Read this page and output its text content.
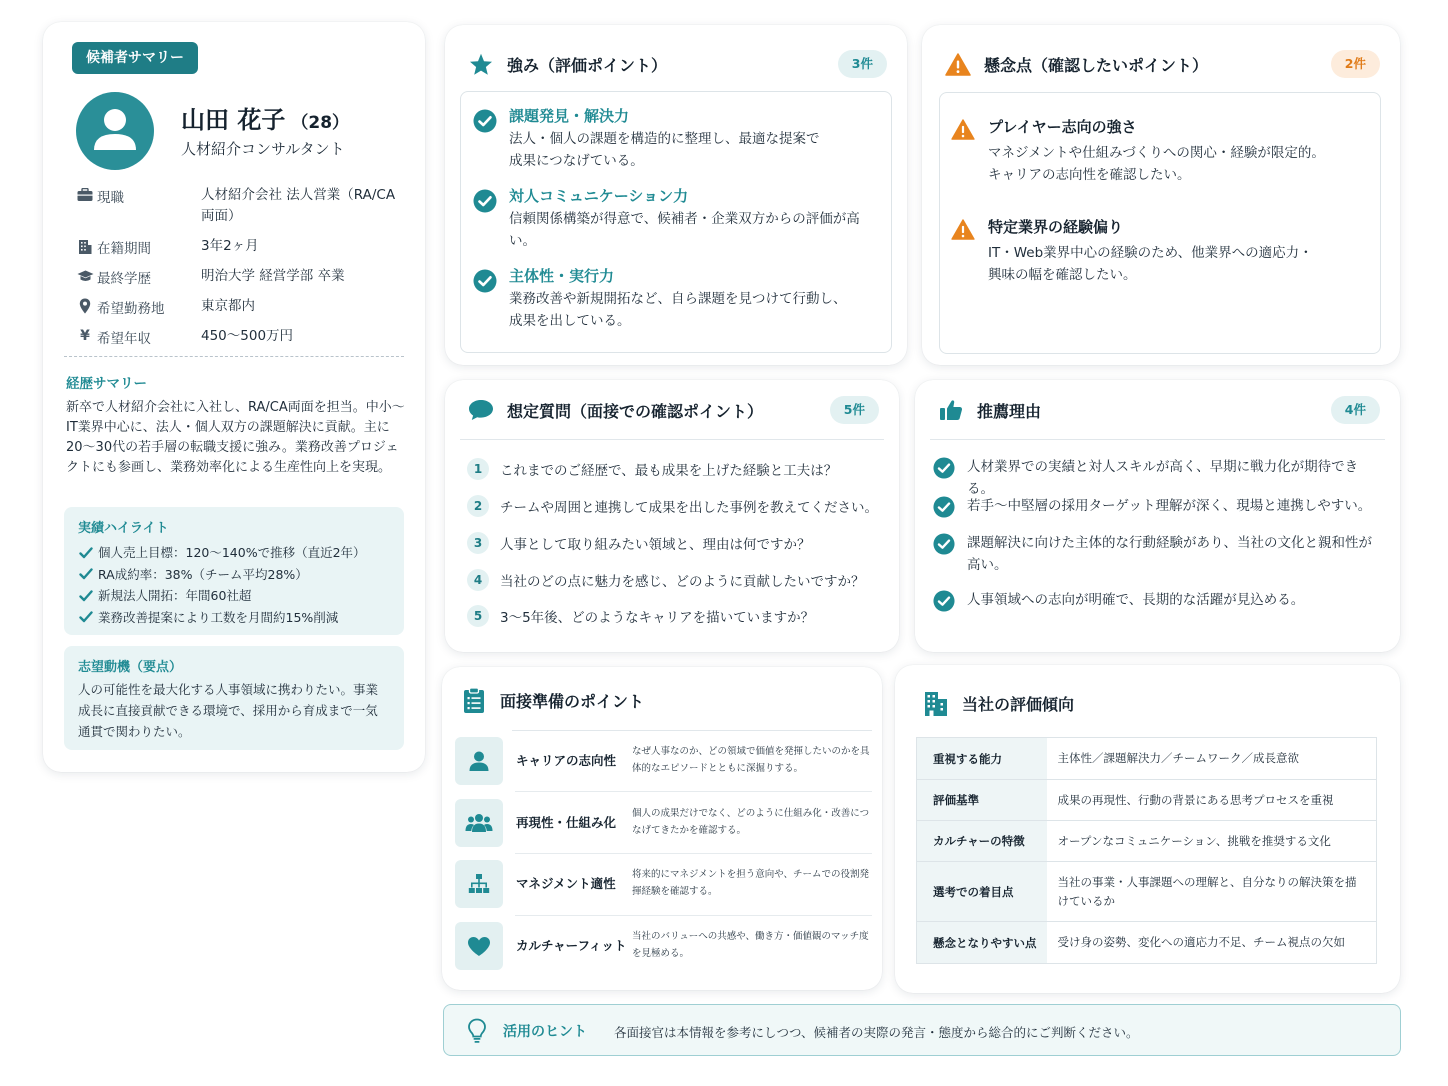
候補者サマリー
山田 花子 （28）
人材紹介コンサルタント
現職	人材紹介会社 法人営業（RA/CA両面）
在籍期間	3年2ヶ月
最終学歴	明治大学 経営学部 卒業
希望勤務地	東京都内
¥ 希望年収	450〜500万円
経歴サマリー
新卒で人材紹介会社に入社し、RA/CA両面を担当。中小〜IT業界中心に、法人・個人双方の課題解決に貢献。主に20〜30代の若手層の転職支援に強み。業務改善プロジェクトにも参画し、業務効率化による生産性向上を実現。
実績ハイライト
個人売上目標：120〜140%で推移（直近2年）
RA成約率：38%（チーム平均28%）
新規法人開拓：年間60社超
業務改善提案により工数を月間約15%削減
志望動機（要点）
人の可能性を最大化する人事領域に携わりたい。事業成長に直接貢献できる環境で、採用から育成まで一気通貫で関わりたい。
強み（評価ポイント）	3件
課題発見・解決力
法人・個人の課題を構造的に整理し、最適な提案で成果につなげている。
対人コミュニケーション力
信頼関係構築が得意で、候補者・企業双方からの評価が高い。
主体性・実行力
業務改善や新規開拓など、自ら課題を見つけて行動し、成果を出している。
懸念点（確認したいポイント）	2件
プレイヤー志向の強さ
マネジメントや仕組みづくりへの関心・経験が限定的。キャリアの志向性を確認したい。
特定業界の経験偏り
IT・Web業界中心の経験のため、他業界への適応力・興味の幅を確認したい。
想定質問（面接での確認ポイント）	5件
1	これまでのご経歴で、最も成果を上げた経験と工夫は？
2	チームや周囲と連携して成果を出した事例を教えてください。
3	人事として取り組みたい領域と、理由は何ですか？
4	当社のどの点に魅力を感じ、どのように貢献したいですか？
5	3〜5年後、どのようなキャリアを描いていますか？
推薦理由	4件
人材業界での実績と対人スキルが高く、早期に戦力化が期待できる。
若手〜中堅層の採用ターゲット理解が深く、現場と連携しやすい。
課題解決に向けた主体的な行動経験があり、当社の文化と親和性が高い。
人事領域への志向が明確で、長期的な活躍が見込める。
面接準備のポイント
キャリアの志向性
なぜ人事なのか、どの領域で価値を発揮したいのかを具体的なエピソードとともに深掘りする。
再現性・仕組み化
個人の成果だけでなく、どのように仕組み化・改善につなげてきたかを確認する。
マネジメント適性
将来的にマネジメントを担う意向や、チームでの役割発揮経験を確認する。
カルチャーフィット
当社のバリューへの共感や、働き方・価値観のマッチ度を見極める。
当社の評価傾向
重視する能力	主体性／課題解決力／チームワーク／成長意欲
評価基準	成果の再現性、行動の背景にある思考プロセスを重視
カルチャーの特徴	オープンなコミュニケーション、挑戦を推奨する文化
選考での着目点	当社の事業・人事課題への理解と、自分なりの解決策を描けているか
懸念となりやすい点	受け身の姿勢、変化への適応力不足、チーム視点の欠如
活用のヒント 各面接官は本情報を参考にしつつ、候補者の実際の発言・態度から総合的にご判断ください。
